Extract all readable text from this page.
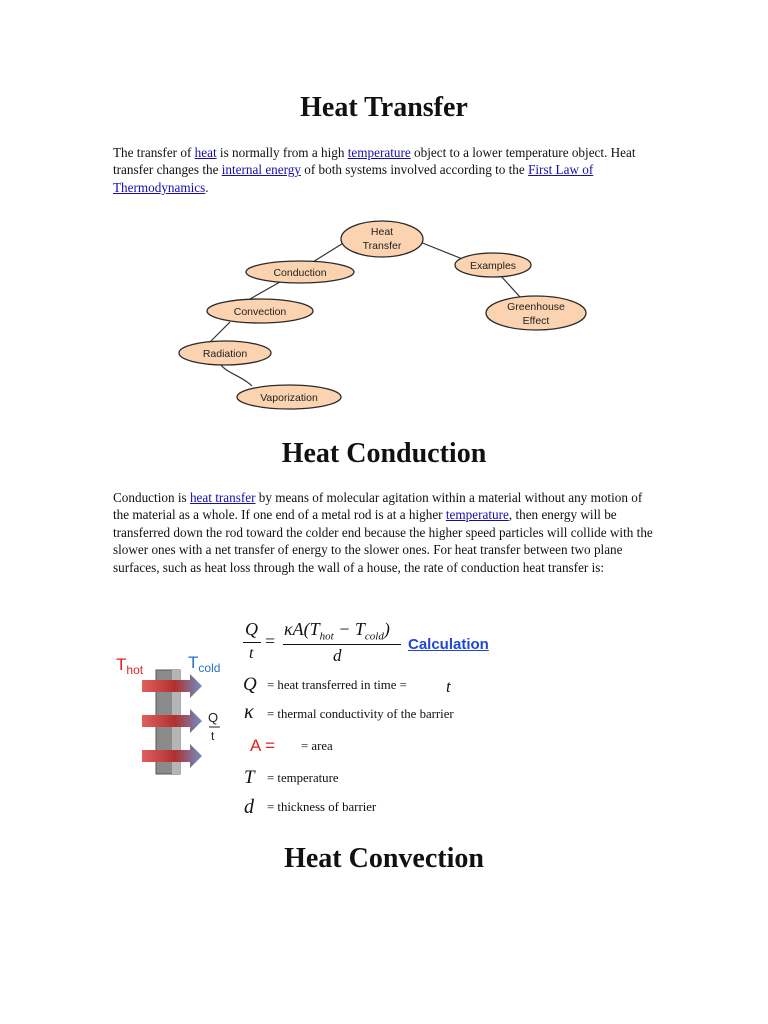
Heat Transfer

The transfer of heat is normally from a high temperature object to a lower temperature object. Heat transfer changes the internal energy of both systems involved according to the First Law of Thermodynamics.

Heat
Transfer
Conduction
Examples
Convection	Greenhouse
Effect
Radiation
Vaporization
Heat Conduction

Conduction is heat transfer by means of molecular agitation within a material without any motion of the material as a whole. If one end of a metal rod is at a higher temperature, then energy will be transferred down the rod toward the colder end because the higher speed particles will collide with the slower ones with a net transfer of energy to the slower ones. For heat transfer between two plane surfaces, such as heat loss through the wall of a house, the rate of conduction heat transfer is:

$T_{hot}$	$T_{cold}$
Q
t
Q
t
=
$\kappa A(T_{hot} - T_{cold})$
d
Calculation
Q = heat transferred in time = t
κ = thermal conductivity of the barrier
A = = area
T = temperature
d = thickness of barrier
Heat Convection
